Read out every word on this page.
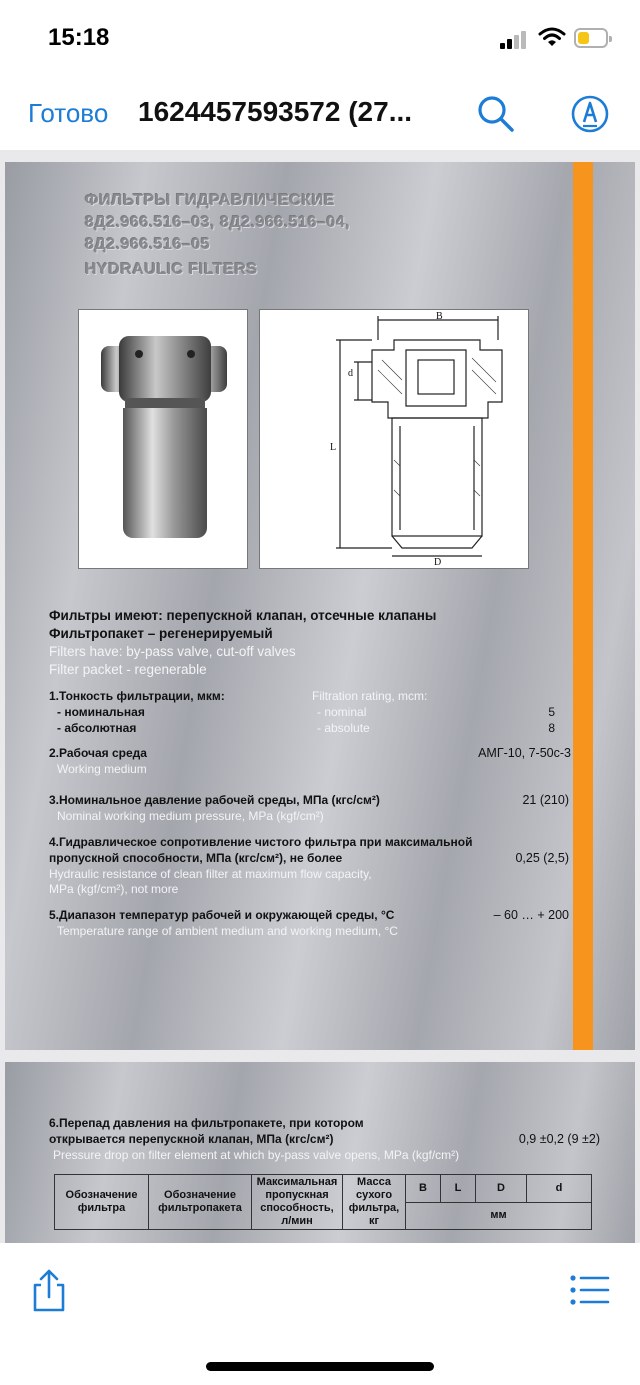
15:18
Готово 1624457593572 (27...
ФИЛЬТРЫ ГИДРАВЛИЧЕСКИЕ
8Д2.966.516–03, 8Д2.966.516–04,
8Д2.966.516–05
HYDRAULIC FILTERS
B
L
d
D
Фильтры имеют: перепускной клапан, отсечные клапаны
Фильтропакет – регенерируемый
Filters have: by-pass valve, cut-off valves
Filter packet - regenerable
1.Тонкость фильтрации, мкм:	Filtration rating, mcm:
- номинальная	- nominal	5
- абсолютная	- absolute	8
2.Рабочая среда
Working medium
АМГ-10, 7-50с-3
3.Номинальное давление рабочей среды, МПа (кгс/см²)
Nominal working medium pressure, MPa (kgf/cm²)
21 (210)
4.Гидравлическое сопротивление чистого фильтра при максимальной
пропускной способности, МПа (кгс/см²), не более
Hydraulic resistance of clean filter at maximum flow capacity,
MPa (kgf/cm²), not more
0,25 (2,5)
5.Диапазон температур рабочей и окружающей среды, °С
Temperature range of ambient medium and working medium, °С
– 60 … + 200
6.Перепад давления на фильтропакете, при котором
открывается перепускной клапан, МПа (кгс/см²)
Pressure drop on filter element at which by-pass valve opens, MPa (kgf/cm²)
0,9 ±0,2 (9 ±2)
Обозначение
фильтра	Обозначение
фильтропакета	Максимальная
пропускная
способность,
л/мин	Масса
сухого
фильтра,
кг	B	L	D	d
мм
